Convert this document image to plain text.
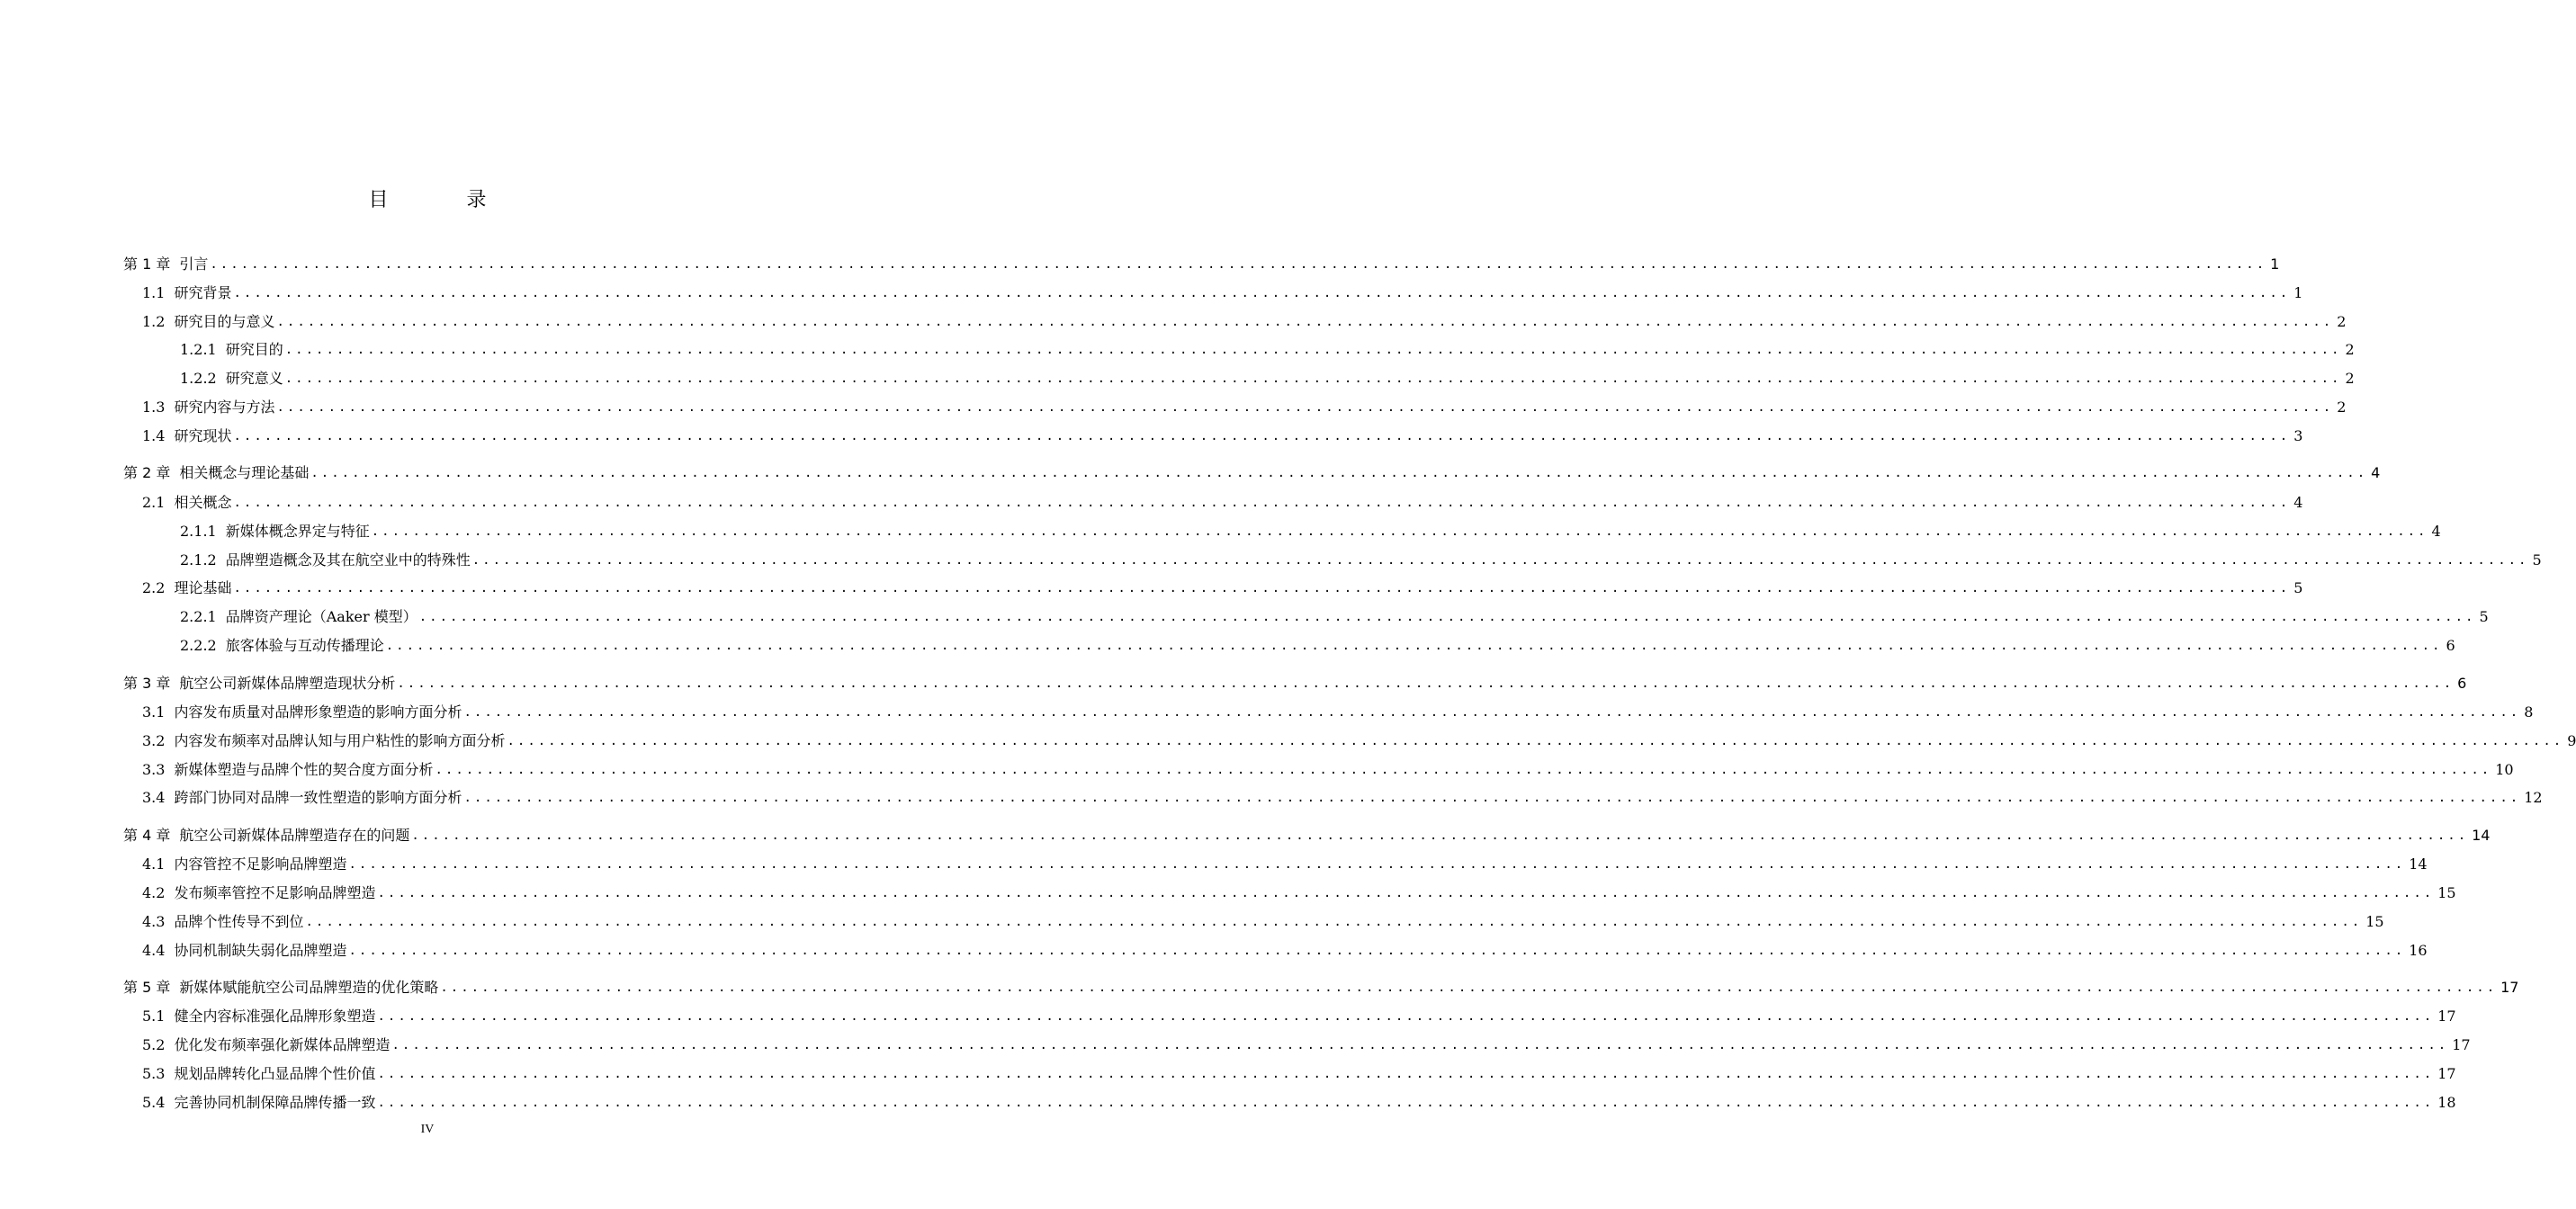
目 录
第 1 章 引言 ........................................................................................................................................................................................................ 1
1.1 研究背景 ........................................................................................................................................................................................................ 1
1.2 研究目的与意义 ........................................................................................................................................................................................................ 2
1.2.1 研究目的 ........................................................................................................................................................................................................ 2
1.2.2 研究意义 ........................................................................................................................................................................................................ 2
1.3 研究内容与方法 ........................................................................................................................................................................................................ 2
1.4 研究现状 ........................................................................................................................................................................................................ 3
第 2 章 相关概念与理论基础 ........................................................................................................................................................................................................ 4
2.1 相关概念 ........................................................................................................................................................................................................ 4
2.1.1 新媒体概念界定与特征 ........................................................................................................................................................................................................ 4
2.1.2 品牌塑造概念及其在航空业中的特殊性 ........................................................................................................................................................................................................ 5
2.2 理论基础 ........................................................................................................................................................................................................ 5
2.2.1 品牌资产理论（Aaker 模型） ........................................................................................................................................................................................................ 5
2.2.2 旅客体验与互动传播理论 ........................................................................................................................................................................................................ 6
第 3 章 航空公司新媒体品牌塑造现状分析 ........................................................................................................................................................................................................ 6
3.1 内容发布质量对品牌形象塑造的影响方面分析 ........................................................................................................................................................................................................ 8
3.2 内容发布频率对品牌认知与用户粘性的影响方面分析 ........................................................................................................................................................................................................ 9
3.3 新媒体塑造与品牌个性的契合度方面分析 ........................................................................................................................................................................................................ 10
3.4 跨部门协同对品牌一致性塑造的影响方面分析 ........................................................................................................................................................................................................ 12
第 4 章 航空公司新媒体品牌塑造存在的问题 ........................................................................................................................................................................................................ 14
4.1 内容管控不足影响品牌塑造 ........................................................................................................................................................................................................ 14
4.2 发布频率管控不足影响品牌塑造 ........................................................................................................................................................................................................ 15
4.3 品牌个性传导不到位 ........................................................................................................................................................................................................ 15
4.4 协同机制缺失弱化品牌塑造 ........................................................................................................................................................................................................ 16
第 5 章 新媒体赋能航空公司品牌塑造的优化策略 ........................................................................................................................................................................................................ 17
5.1 健全内容标准强化品牌形象塑造 ........................................................................................................................................................................................................ 17
5.2 优化发布频率强化新媒体品牌塑造 ........................................................................................................................................................................................................ 17
5.3 规划品牌转化凸显品牌个性价值 ........................................................................................................................................................................................................ 17
5.4 完善协同机制保障品牌传播一致 ........................................................................................................................................................................................................ 18
IV
